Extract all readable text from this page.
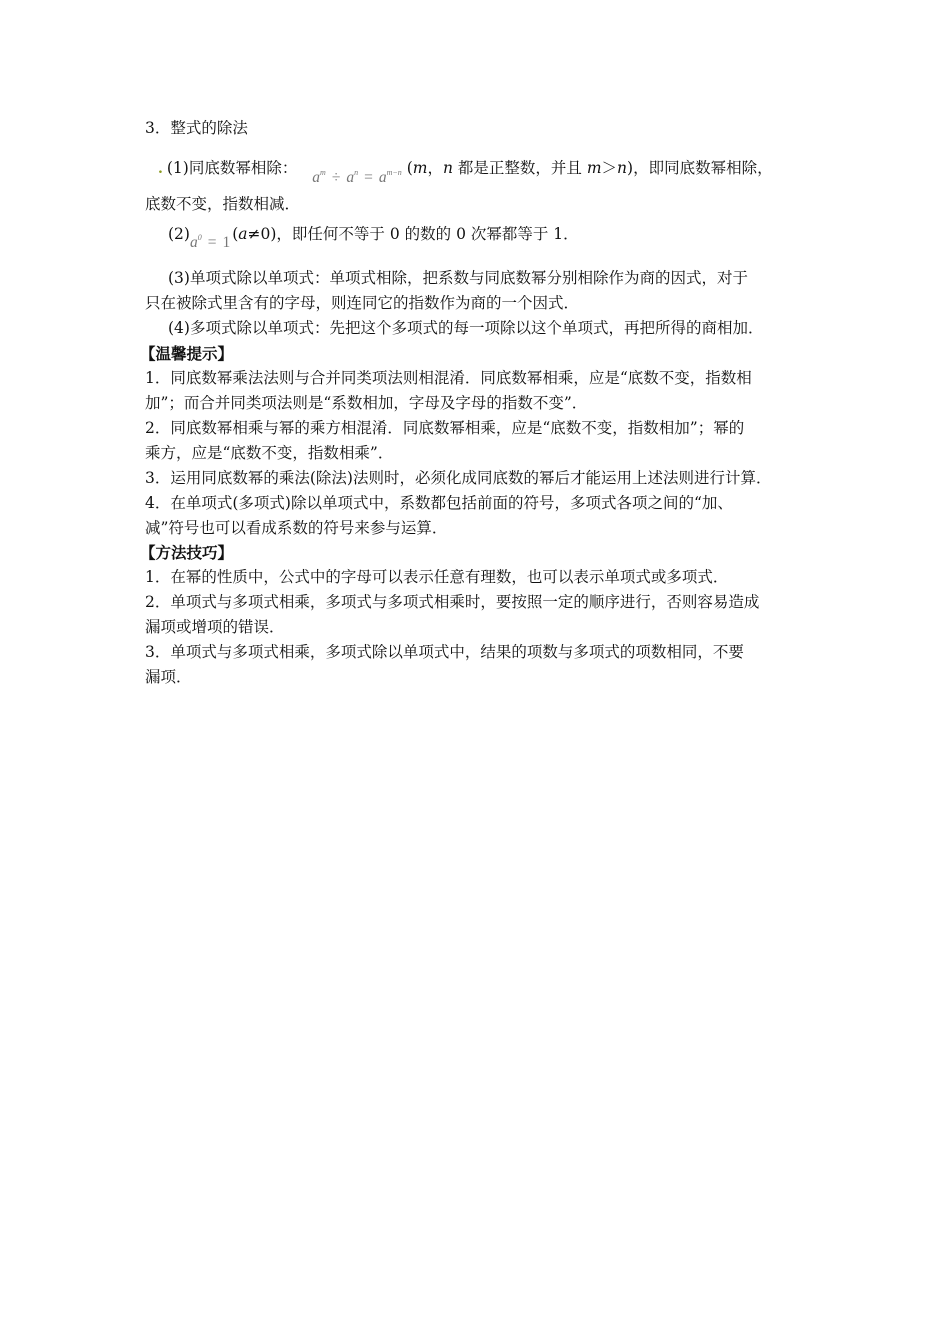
3．整式的除法
. (1)同底数幂相除： $a^m \div a^n = a^{m-n}$ (m，n 都是正整数，并且 m＞n)，即同底数幂相除，
底数不变，指数相减．
$(2)a^0 = 1$ (a≠0)，即任何不等于 0 的数的 0 次幂都等于 1．
(3)单项式除以单项式：单项式相除，把系数与同底数幂分别相除作为商的因式，对于
只在被除式里含有的字母，则连同它的指数作为商的一个因式．
(4)多项式除以单项式：先把这个多项式的每一项除以这个单项式，再把所得的商相加．
【温馨提示】
1．同底数幂乘法法则与合并同类项法则相混淆．同底数幂相乘，应是“底数不变，指数相
加”；而合并同类项法则是“系数相加，字母及字母的指数不变”．
2．同底数幂相乘与幂的乘方相混淆．同底数幂相乘，应是“底数不变，指数相加”；幂的
乘方，应是“底数不变，指数相乘”．
3．运用同底数幂的乘法(除法)法则时，必须化成同底数的幂后才能运用上述法则进行计算．
4．在单项式(多项式)除以单项式中，系数都包括前面的符号，多项式各项之间的“加、
减”符号也可以看成系数的符号来参与运算．
【方法技巧】
1．在幂的性质中，公式中的字母可以表示任意有理数，也可以表示单项式或多项式．
2．单项式与多项式相乘，多项式与多项式相乘时，要按照一定的顺序进行，否则容易造成
漏项或增项的错误．
3．单项式与多项式相乘，多项式除以单项式中，结果的项数与多项式的项数相同，不要
漏项．
